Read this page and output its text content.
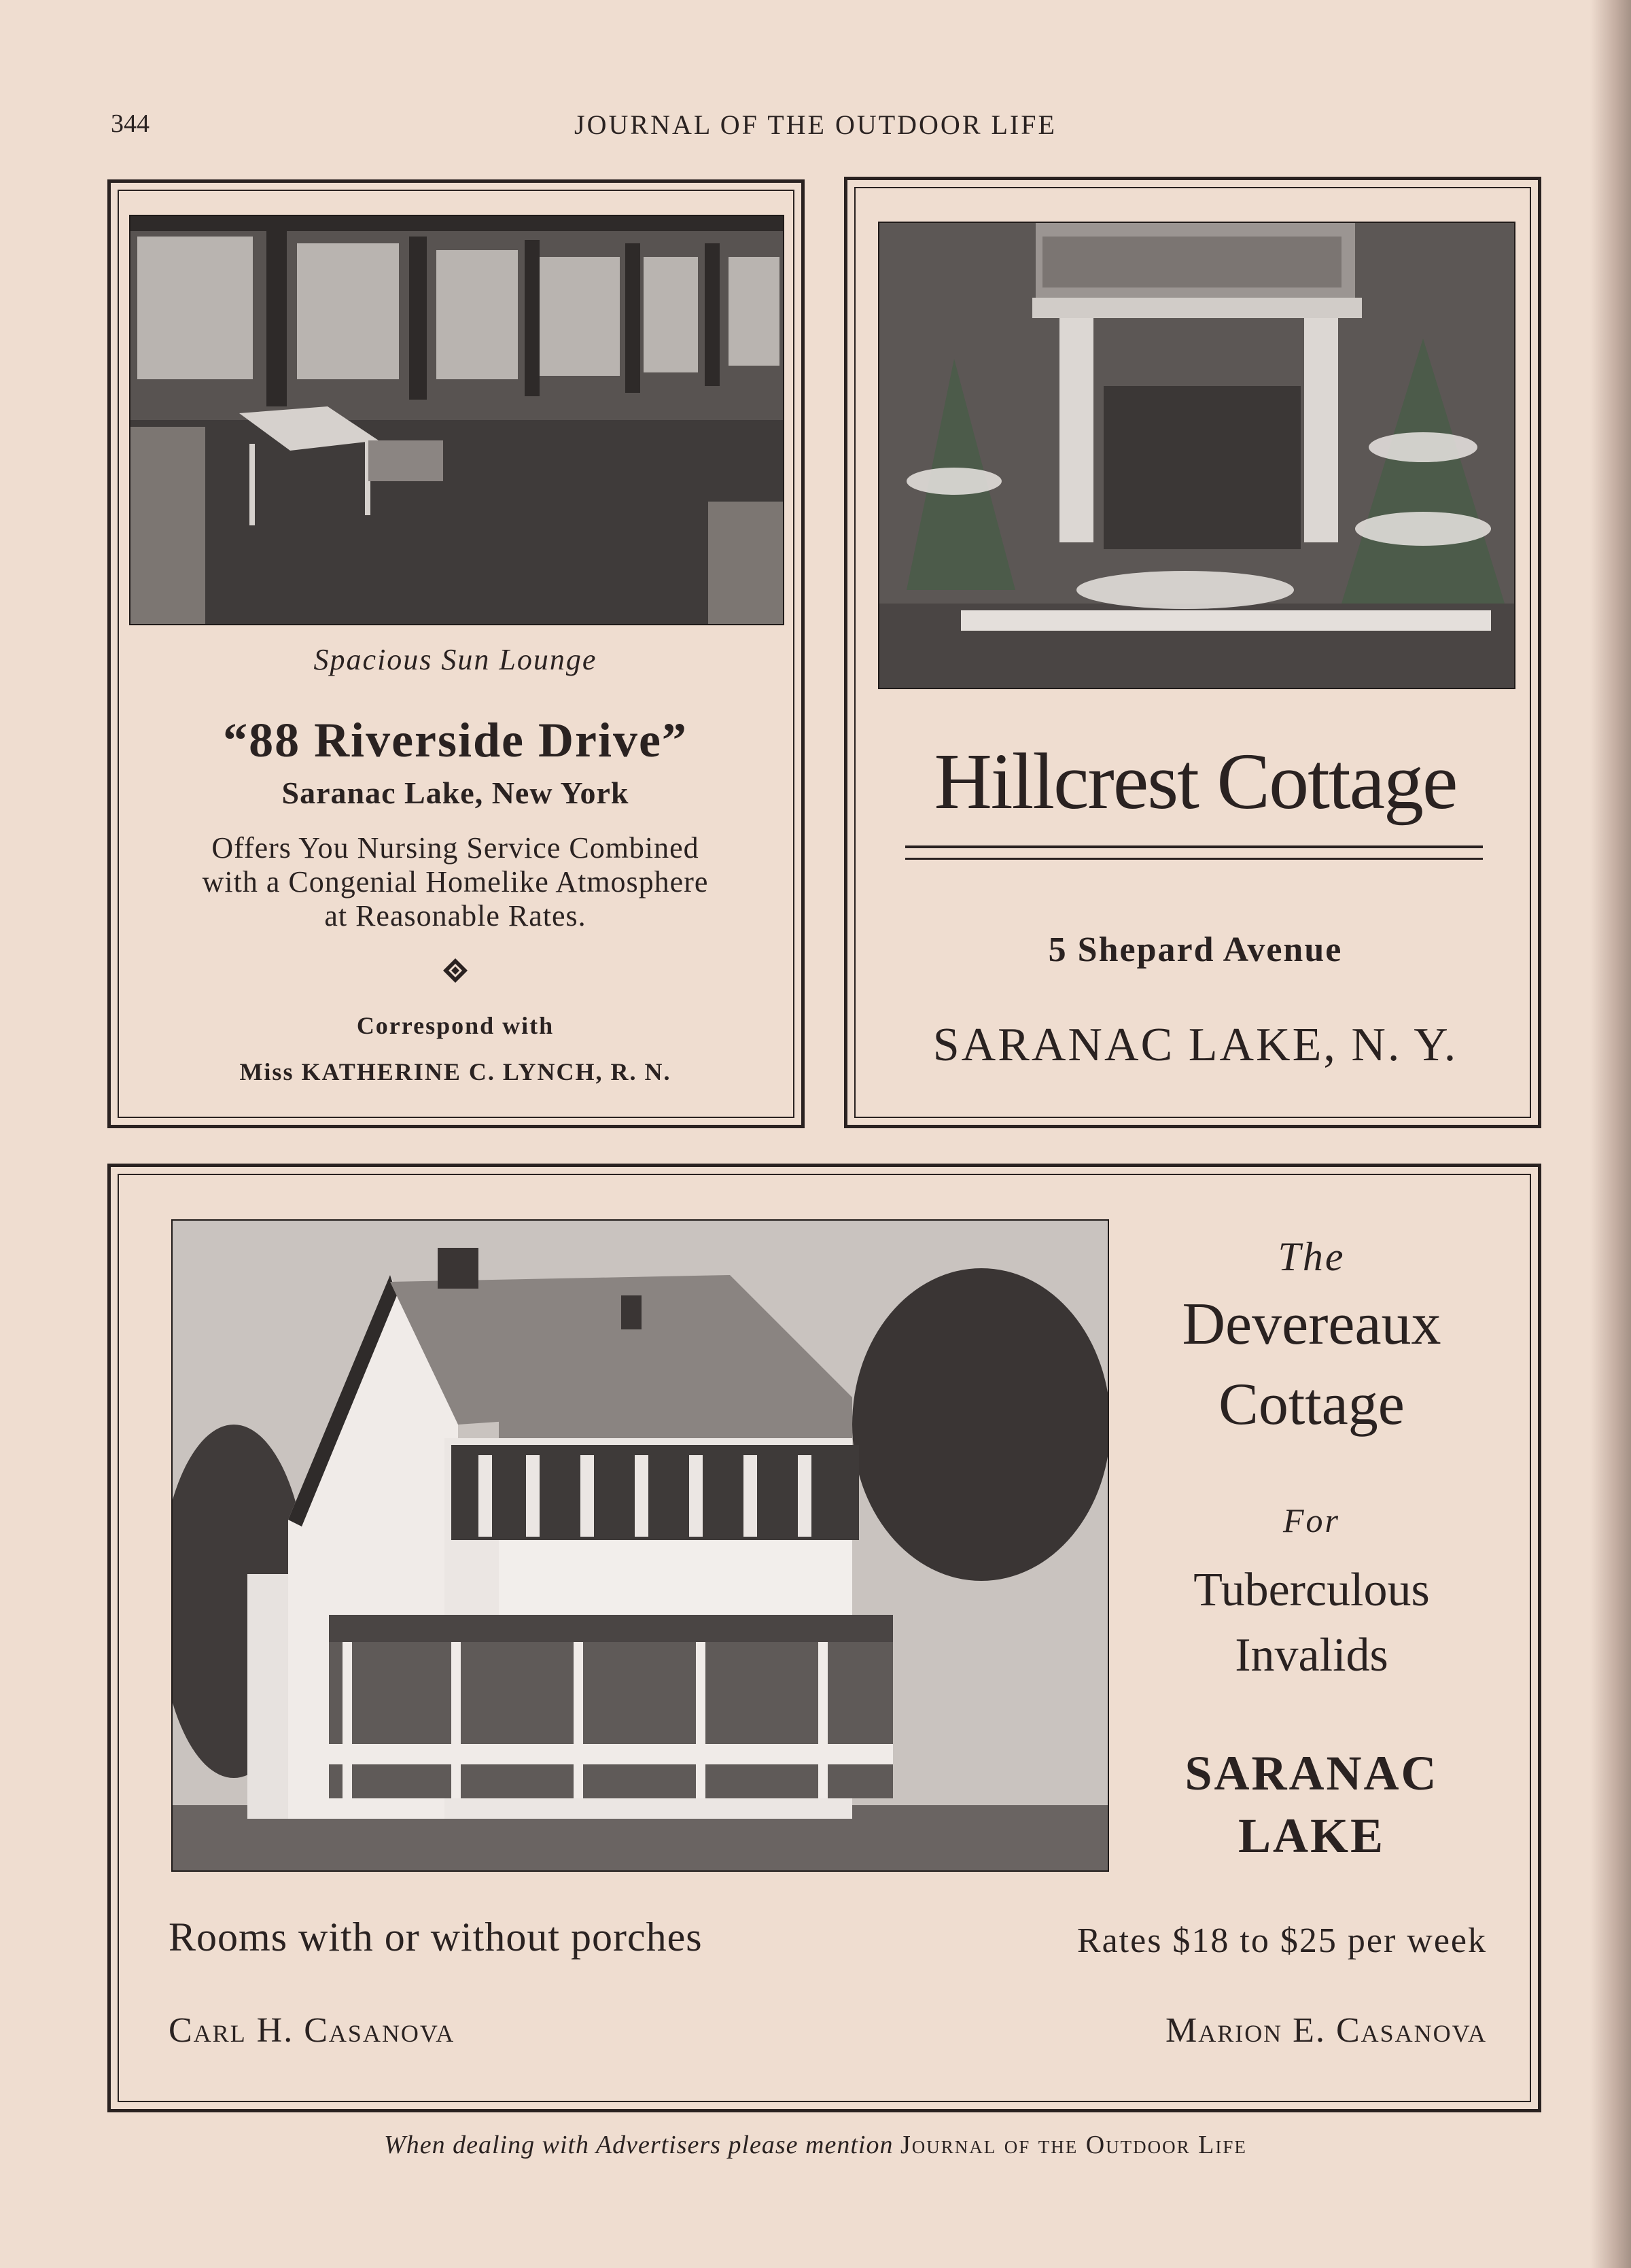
344	JOURNAL OF THE OUTDOOR LIFE
Spacious Sun Lounge
“88 Riverside Drive”
Saranac Lake, New York
Offers You Nursing Service Combined
with a Congenial Homelike Atmosphere
at Reasonable Rates.
Correspond with
Miss KATHERINE C. LYNCH, R. N.
Hillcrest Cottage
5 Shepard Avenue
SARANAC LAKE, N. Y.
The
Devereaux
Cottage
For
Tuberculous
Invalids
SARANAC
LAKE
Rooms with or without porches	Rates $18 to $25 per week
Carl H. Casanova	Marion E. Casanova
When dealing with Advertisers please mention Journal of the Outdoor Life
